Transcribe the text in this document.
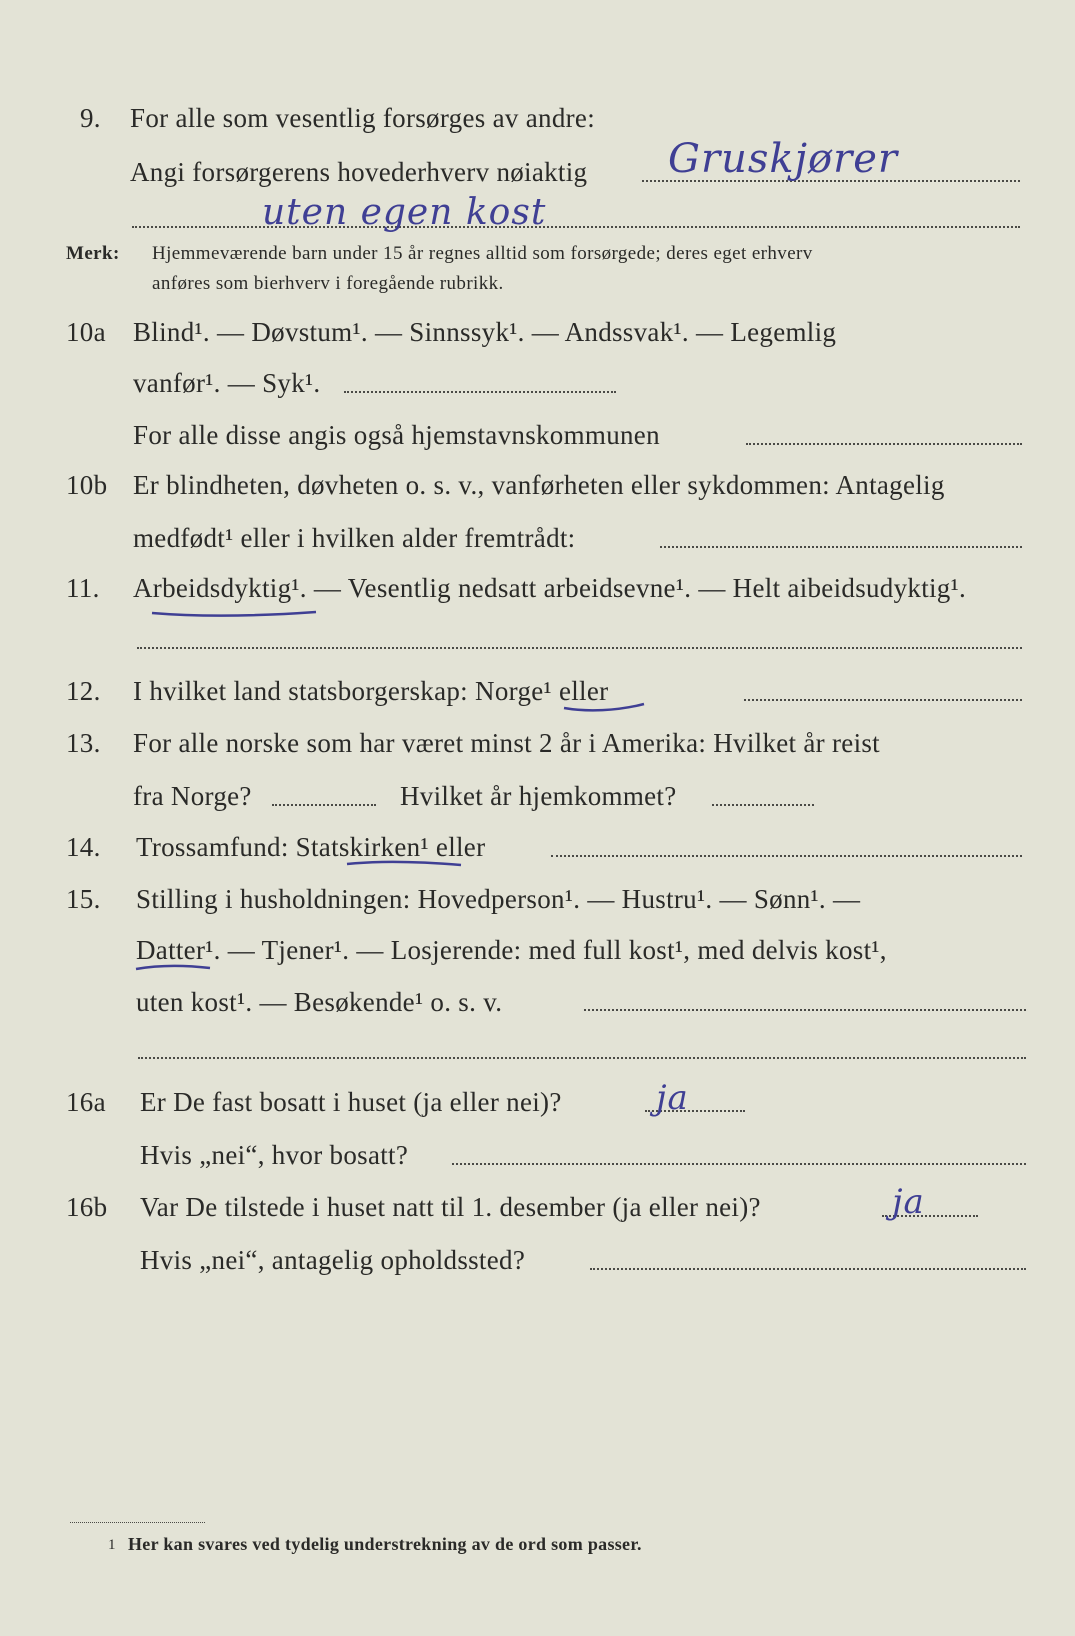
9. For alle som vesentlig forsørges av andre:
Angi forsørgerens hovederhverv nøiaktig Gruskjører
uten egen kost
Merk: Hjemmeværende barn under 15 år regnes alltid som forsørgede; deres eget erhverv
anføres som bierhverv i foregående rubrikk.
10a Blind¹. — Døvstum¹. — Sinnssyk¹. — Andssvak¹. — Legemlig
vanfør¹. — Syk¹.
For alle disse angis også hjemstavnskommunen
10b Er blindheten, døvheten o. s. v., vanførheten eller sykdommen: Antagelig
medfødt¹ eller i hvilken alder fremtrådt:
11. Arbeidsdyktig¹. — Vesentlig nedsatt arbeidsevne¹. — Helt aibeidsudyktig¹.
12. I hvilket land statsborgerskap: Norge¹ eller
13. For alle norske som har været minst 2 år i Amerika: Hvilket år reist
fra Norge?	Hvilket år hjemkommet?
14. Trossamfund: Statskirken¹ eller
15. Stilling i husholdningen: Hovedperson¹. — Hustru¹. — Sønn¹. —
Datter¹. — Tjener¹. — Losjerende: med full kost¹, med delvis kost¹,
uten kost¹. — Besøkende¹ o. s. v.
16a Er De fast bosatt i huset (ja eller nei)?	ja
Hvis „nei“, hvor bosatt?
16b Var De tilstede i huset natt til 1. desember (ja eller nei)?	ja
Hvis „nei“, antagelig opholdssted?
1 Her kan svares ved tydelig understrekning av de ord som passer.
